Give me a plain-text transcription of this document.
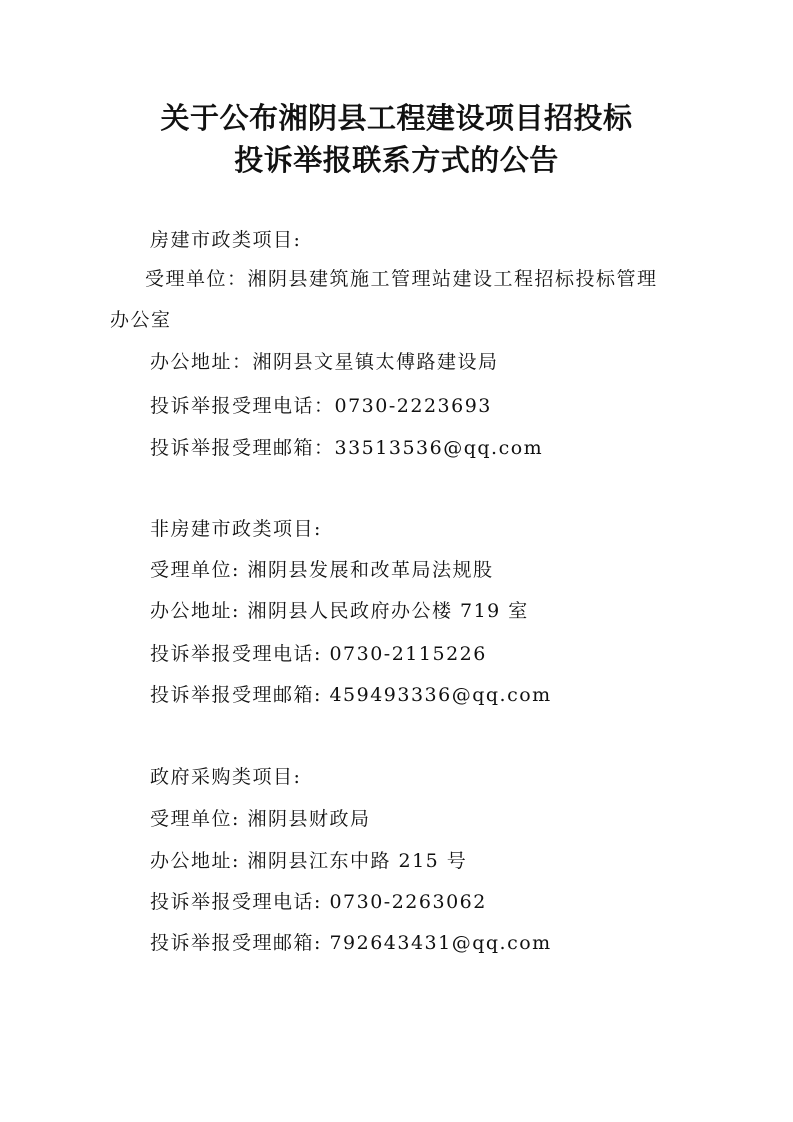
关于公布湘阴县工程建设项目招投标
投诉举报联系方式的公告
房建市政类项目:
受理单位：湘阴县建筑施工管理站建设工程招标投标管理
办公室
办公地址：湘阴县文星镇太傅路建设局
投诉举报受理电话：0730-2223693
投诉举报受理邮箱：33513536@qq.com
非房建市政类项目:
受理单位: 湘阴县发展和改革局法规股
办公地址: 湘阴县人民政府办公楼 719 室
投诉举报受理电话: 0730-2115226
投诉举报受理邮箱: 459493336@qq.com
政府采购类项目:
受理单位: 湘阴县财政局
办公地址: 湘阴县江东中路 215 号
投诉举报受理电话: 0730-2263062
投诉举报受理邮箱: 792643431@qq.com
